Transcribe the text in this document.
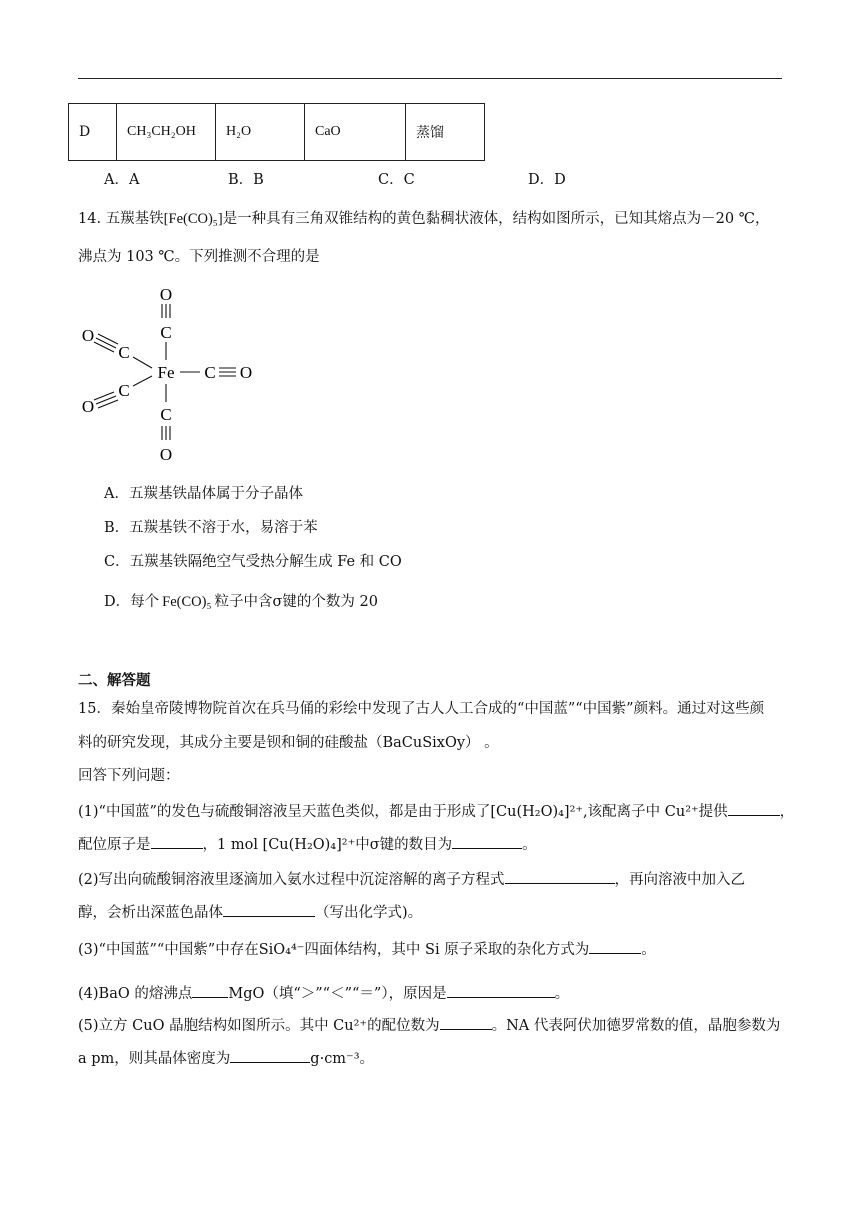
D	CH₃CH₂OH	H₂O	CaO	蒸馏
A．A	B．B	C．C	D．D
14. 五羰基铁[Fe(CO)₅]是一种具有三角双锥结构的黄色黏稠状液体，结构如图所示，已知其熔点为－20 ℃，
沸点为 103 ℃。下列推测不合理的是
O
C
O
C
Fe C O
C
O	C
O
A．五羰基铁晶体属于分子晶体
B．五羰基铁不溶于水，易溶于苯
C．五羰基铁隔绝空气受热分解生成 Fe 和 CO
D．每个 Fe(CO)₅ 粒子中含σ键的个数为 20
二、解答题
15．秦始皇帝陵博物院首次在兵马俑的彩绘中发现了古人人工合成的“中国蓝”“中国紫”颜料。通过对这些颜
料的研究发现，其成分主要是钡和铜的硅酸盐（BaCuSixOy） 。
回答下列问题：
(1)“中国蓝”的发色与硫酸铜溶液呈天蓝色类似，都是由于形成了[Cu(H₂O)₄]²⁺,该配离子中 Cu²⁺提供	，
配位原子是	，1 mol [Cu(H₂O)₄]²⁺中σ键的数目为	。
(2)写出向硫酸铜溶液里逐滴加入氨水过程中沉淀溶解的离子方程式	，再向溶液中加入乙
醇，会析出深蓝色晶体	（写出化学式)。
(3)“中国蓝”“中国紫”中存在SiO₄⁴⁻四面体结构，其中 Si 原子采取的杂化方式为	。
(4)BaO 的熔沸点 MgO（填“＞”“＜”“＝”），原因是	。
(5)立方 CuO 晶胞结构如图所示。其中 Cu²⁺的配位数为	。NA 代表阿伏加德罗常数的值，晶胞参数为
a pm，则其晶体密度为	g·cm⁻³。
